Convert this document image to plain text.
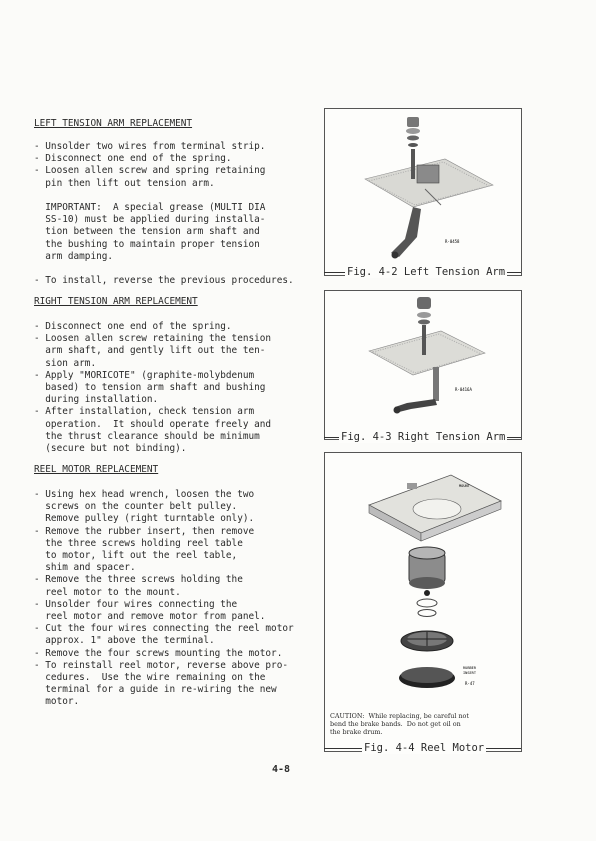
LEFT TENSION ARM REPLACEMENT
- Unsolder two wires from terminal strip.
- Disconnect one end of the spring.
- Loosen allen screw and spring retaining
pin then lift out tension arm.

IMPORTANT:  A special grease (MULTI DIA
SS-10) must be applied during installa-
tion between the tension arm shaft and
the bushing to maintain proper tension
arm damping.

- To install, reverse the previous procedures.
RIGHT TENSION ARM REPLACEMENT
- Disconnect one end of the spring.
- Loosen allen screw retaining the tension
arm shaft, and gently lift out the ten-
sion arm.
- Apply "MORICOTE" (graphite-molybdenum
based) to tension arm shaft and bushing
during installation.
- After installation, check tension arm
operation.  It should operate freely and
the thrust clearance should be minimum
(secure but not binding).
REEL MOTOR REPLACEMENT
- Using hex head wrench, loosen the two
screws on the counter belt pulley.
Remove pulley (right turntable only).
- Remove the rubber insert, then remove
the three screws holding reel table
to motor, lift out the reel table,
shim and spacer.
- Remove the three screws holding the
reel motor to the mount.
- Unsolder four wires connecting the
reel motor and remove motor from panel.
- Cut the four wires connecting the reel motor
approx. 1" above the terminal.
- Remove the four screws mounting the motor.
- To reinstall reel motor, reverse above pro-
cedures.  Use the wire remaining on the
terminal for a guide in re-wiring the new
motor.
R-0458
Fig. 4-2 Left Tension Arm
R-0416A
Fig. 4-3 Right Tension Arm
MOUNT
RUBBER
INSERT
R-47
CAUTION:  While replacing, be careful not
bend the brake bands.  Do not get oil on
the brake drum.
Fig. 4-4 Reel Motor
4-8
